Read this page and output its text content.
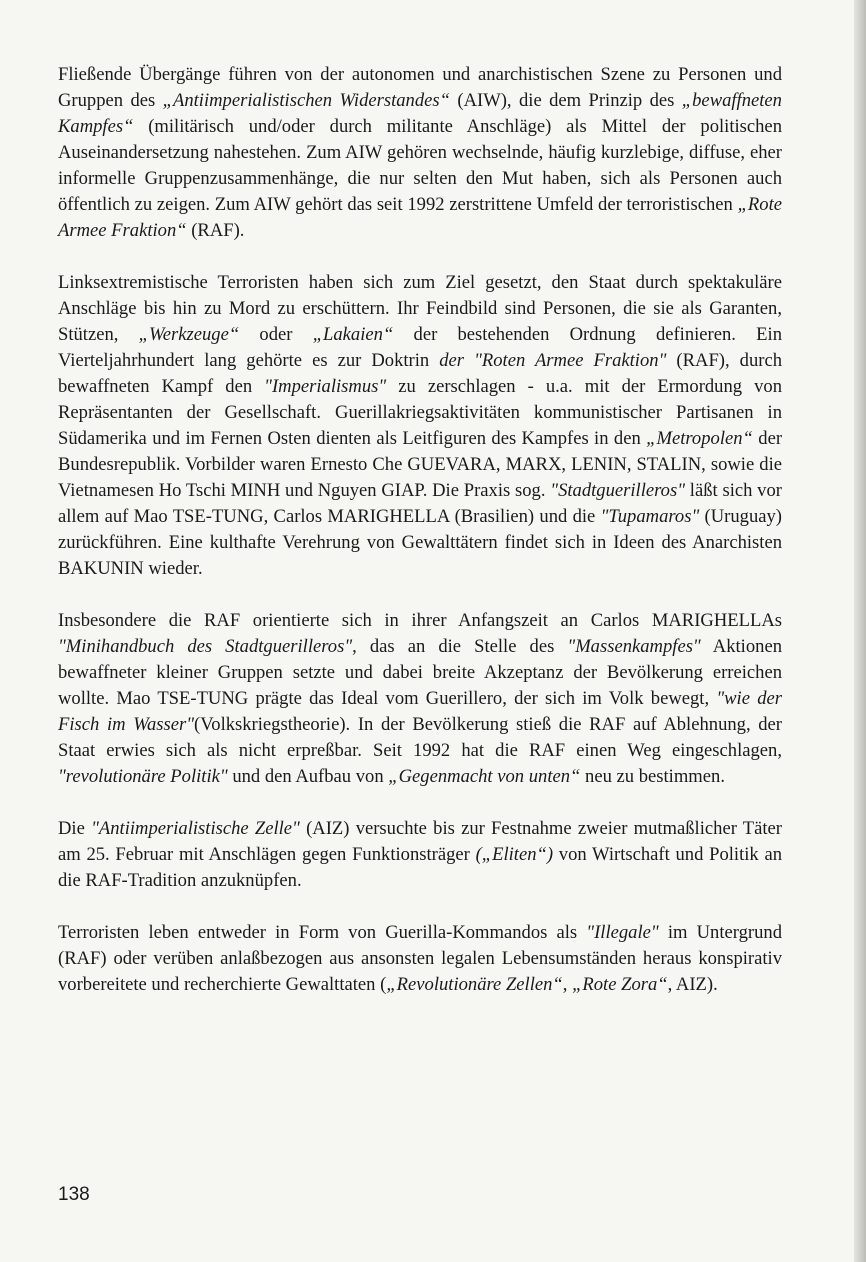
Fließende Übergänge führen von der autonomen und anarchistischen Szene zu Personen und Gruppen des „Antiimperialistischen Widerstandes“ (AIW), die dem Prinzip des „bewaffneten Kampfes“ (militärisch und/oder durch militante Anschläge) als Mittel der politischen Auseinandersetzung nahestehen. Zum AIW gehören wechselnde, häufig kurzlebige, diffuse, eher informelle Gruppenzusammenhänge, die nur selten den Mut haben, sich als Personen auch öffentlich zu zeigen. Zum AIW gehört das seit 1992 zerstrittene Umfeld der terroristischen „Rote Armee Fraktion“ (RAF).

Linksextremistische Terroristen haben sich zum Ziel gesetzt, den Staat durch spektakuläre Anschläge bis hin zu Mord zu erschüttern. Ihr Feindbild sind Personen, die sie als Garanten, Stützen, „Werkzeuge“ oder „Lakaien“ der bestehenden Ordnung definieren. Ein Vierteljahrhundert lang gehörte es zur Doktrin der "Roten Armee Fraktion" (RAF), durch bewaffneten Kampf den "Imperialismus" zu zerschlagen - u.a. mit der Ermordung von Repräsentanten der Gesellschaft. Guerillakriegsaktivitäten kommunistischer Partisanen in Südamerika und im Fernen Osten dienten als Leitfiguren des Kampfes in den „Metropolen“ der Bundesrepublik. Vorbilder waren Ernesto Che GUEVARA, MARX, LENIN, STALIN, sowie die Vietnamesen Ho Tschi MINH und Nguyen GIAP. Die Praxis sog. "Stadtguerilleros" läßt sich vor allem auf Mao TSE-TUNG, Carlos MARIGHELLA (Brasilien) und die "Tupamaros" (Uruguay) zurückführen. Eine kulthafte Verehrung von Gewalttätern findet sich in Ideen des Anarchisten BAKUNIN wieder.

Insbesondere die RAF orientierte sich in ihrer Anfangszeit an Carlos MARIGHELLAs "Minihandbuch des Stadtguerilleros", das an die Stelle des "Massenkampfes" Aktionen bewaffneter kleiner Gruppen setzte und dabei breite Akzeptanz der Bevölkerung erreichen wollte. Mao TSE-TUNG prägte das Ideal vom Guerillero, der sich im Volk bewegt, "wie der Fisch im Wasser"(Volkskriegstheorie). In der Bevölkerung stieß die RAF auf Ablehnung, der Staat erwies sich als nicht erpreßbar. Seit 1992 hat die RAF einen Weg eingeschlagen, "revolutionäre Politik" und den Aufbau von „Gegenmacht von unten“ neu zu bestimmen.

Die "Antiimperialistische Zelle" (AIZ) versuchte bis zur Festnahme zweier mutmaßlicher Täter am 25. Februar mit Anschlägen gegen Funktionsträger („Eliten“) von Wirtschaft und Politik an die RAF-Tradition anzuknüpfen.

Terroristen leben entweder in Form von Guerilla-Kommandos als "Illegale" im Untergrund (RAF) oder verüben anlaßbezogen aus ansonsten legalen Lebensumständen heraus konspirativ vorbereitete und recherchierte Gewalttaten („Revolutionäre Zellen“, „Rote Zora“, AIZ).

138
